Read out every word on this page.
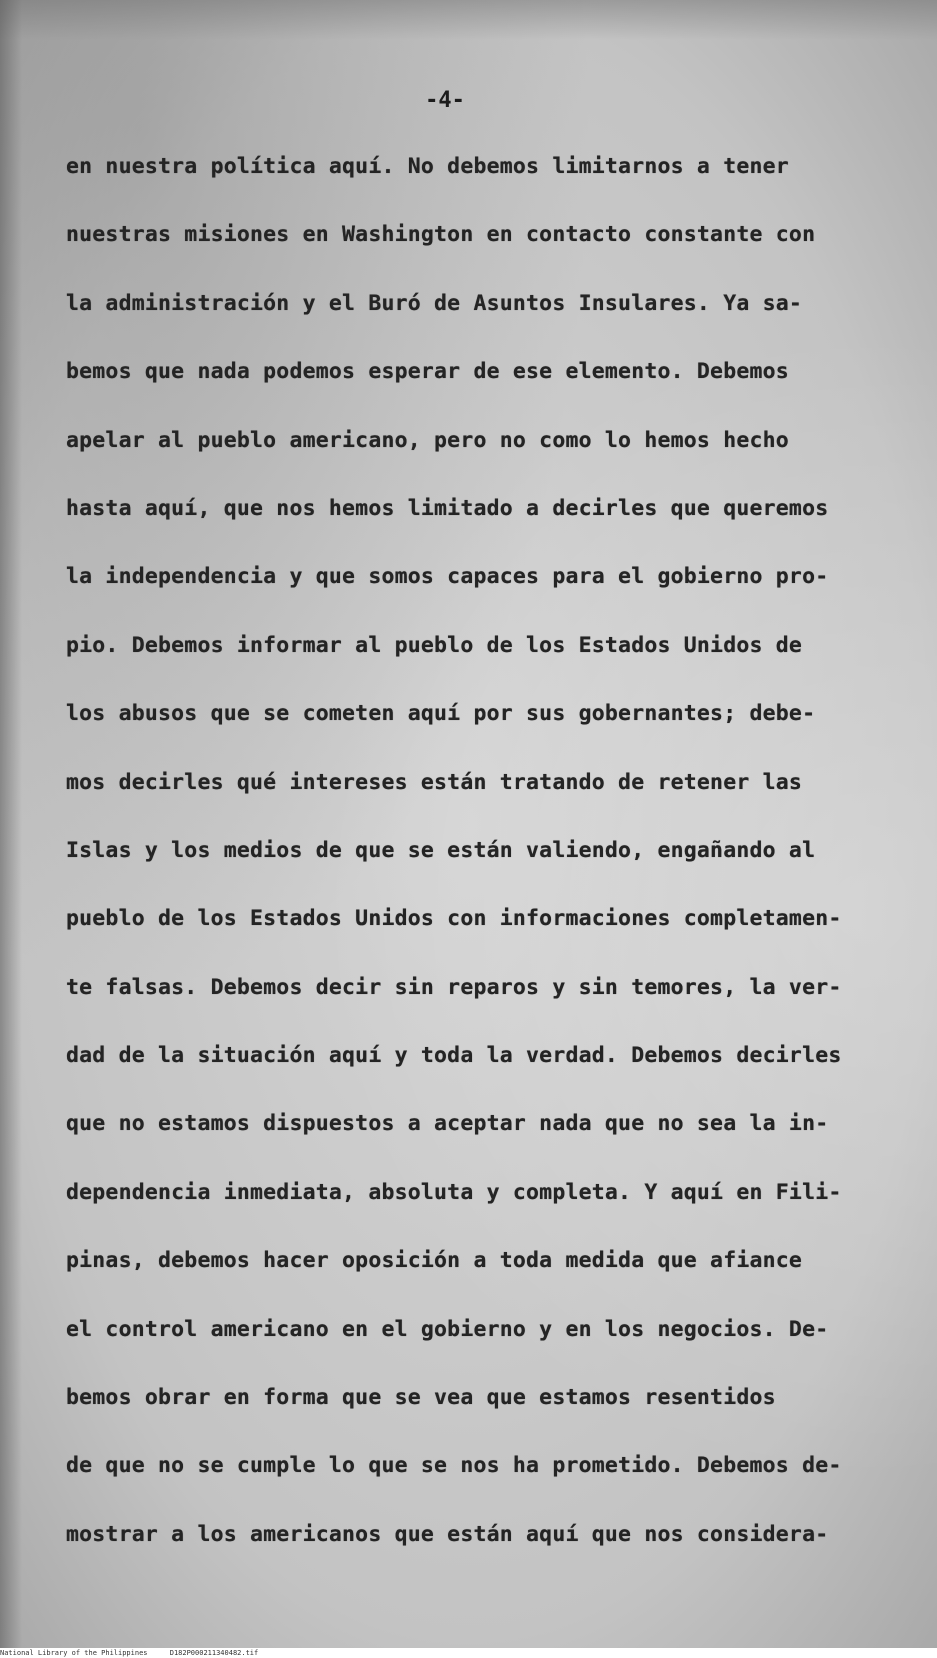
-4-
en nuestra política aquí. No debemos limitarnos a tener
nuestras misiones en Washington en contacto constante con
la administración y el Buró de Asuntos Insulares. Ya sa-
bemos que nada podemos esperar de ese elemento. Debemos
apelar al pueblo americano, pero no como lo hemos hecho
hasta aquí, que nos hemos limitado a decirles que queremos
la independencia y que somos capaces para el gobierno pro-
pio. Debemos informar al pueblo de los Estados Unidos de
los abusos que se cometen aquí por sus gobernantes; debe-
mos decirles qué intereses están tratando de retener las
Islas y los medios de que se están valiendo, engañando al
pueblo de los Estados Unidos con informaciones completamen-
te falsas. Debemos decir sin reparos y sin temores, la ver-
dad de la situación aquí y toda la verdad. Debemos decirles
que no estamos dispuestos a aceptar nada que no sea la in-
dependencia inmediata, absoluta y completa. Y aquí en Fili-
pinas, debemos hacer oposición a toda medida que afiance
el control americano en el gobierno y en los negocios. De-
bemos obrar en forma que se vea que estamos resentidos
de que no se cumple lo que se nos ha prometido. Debemos de-
mostrar a los americanos que están aquí que nos considera-
National Library of the Philippines	D182P000211340482.tif
